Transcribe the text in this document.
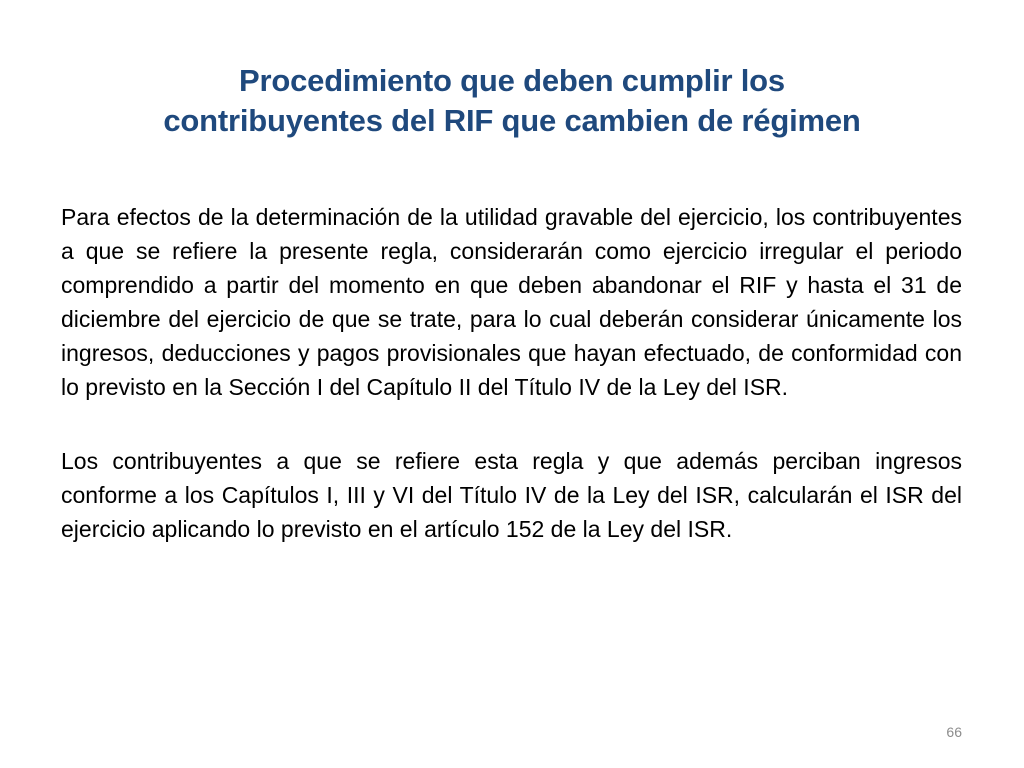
Procedimiento que deben cumplir los
contribuyentes del RIF que cambien de régimen

Para efectos de la determinación de la utilidad gravable del ejercicio, los contribuyentes a que se refiere la presente regla, considerarán como ejercicio irregular el periodo comprendido a partir del momento en que deben abandonar el RIF y hasta el 31 de diciembre del ejercicio de que se trate, para lo cual deberán considerar únicamente los ingresos, deducciones y pagos provisionales que hayan efectuado, de conformidad con lo previsto en la Sección I del Capítulo II del Título IV de la Ley del ISR.

Los contribuyentes a que se refiere esta regla y que además perciban ingresos conforme a los Capítulos I, III y VI del Título IV de la Ley del ISR, calcularán el ISR del ejercicio aplicando lo previsto en el artículo 152 de la Ley del ISR.

66
